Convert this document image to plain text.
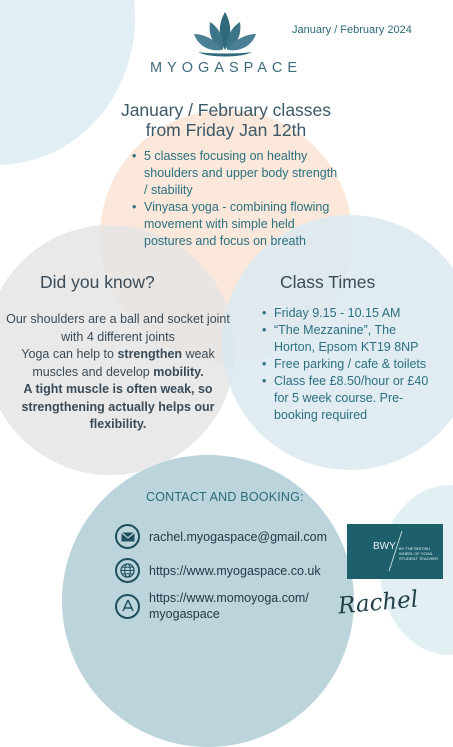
January / February 2024
MYOGASPACE
January / February classes
from Friday Jan 12th
• 5 classes focusing on healthy shoulders and upper body strength / stability
• Vinyasa yoga - combining flowing movement with simple held postures and focus on breath
Did you know?
Our shoulders are a ball and socket joint with 4 different joints
Yoga can help to strengthen weak muscles and develop mobility.
A tight muscle is often weak, so strengthening actually helps our flexibility.
Class Times
• Friday 9.15 - 10.15 AM
• “The Mezzanine”, The Horton, Epsom KT19 8NP
• Free parking / cafe & toilets
• Class fee £8.50/hour or £40 for 5 week course. Pre-booking required
CONTACT AND BOOKING:
rachel.myogaspace@gmail.com
https://www.myogaspace.co.uk
https://www.momoyoga.com/
myogaspace
BWY BY THE BRITISH WHEEL OF YOGA STUDENT TEACHER
Rachel
